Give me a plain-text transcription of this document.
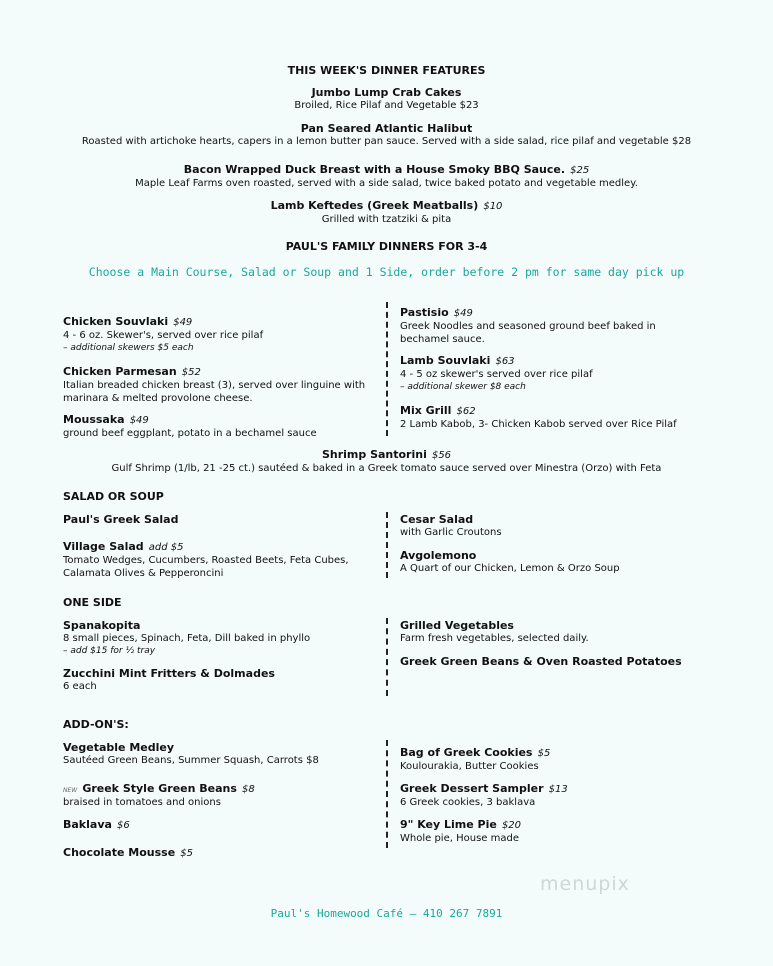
THIS WEEK'S DINNER FEATURES
Jumbo Lump Crab Cakes
Broiled, Rice Pilaf and Vegetable $23
Pan Seared Atlantic Halibut
Roasted with artichoke hearts, capers in a lemon butter pan sauce. Served with a side salad, rice pilaf and vegetable $28
Bacon Wrapped Duck Breast with a House Smoky BBQ Sauce. $25
Maple Leaf Farms oven roasted, served with a side salad, twice baked potato and vegetable medley.
Lamb Keftedes (Greek Meatballs) $10
Grilled with tzatziki & pita
PAUL'S FAMILY DINNERS FOR 3-4
Choose a Main Course, Salad or Soup and 1 Side, order before 2 pm for same day pick up
Chicken Souvlaki $49
4 - 6 oz. Skewer's, served over rice pilaf
– additional skewers $5 each
Chicken Parmesan $52
Italian breaded chicken breast (3), served over linguine with marinara & melted provolone cheese.
Moussaka $49
ground beef eggplant, potato in a bechamel sauce
Pastisio $49
Greek Noodles and seasoned ground beef baked in bechamel sauce.
Lamb Souvlaki $63
4 - 5 oz skewer's served over rice pilaf
– additional skewer $8 each
Mix Grill $62
2 Lamb Kabob, 3- Chicken Kabob served over Rice Pilaf
Shrimp Santorini $56
Gulf Shrimp (1/lb, 21 -25 ct.) sautéed & baked in a Greek tomato sauce served over Minestra (Orzo) with Feta
SALAD OR SOUP
Paul's Greek Salad
Village Salad add $5
Tomato Wedges, Cucumbers, Roasted Beets, Feta Cubes, Calamata Olives & Pepperoncini
Cesar Salad
with Garlic Croutons
Avgolemono
A Quart of our Chicken, Lemon & Orzo Soup
ONE SIDE
Spanakopita
8 small pieces, Spinach, Feta, Dill baked in phyllo
– add $15 for ½ tray
Zucchini Mint Fritters & Dolmades
6 each
Grilled Vegetables
Farm fresh vegetables, selected daily.
Greek Green Beans & Oven Roasted Potatoes
ADD-ON'S:
Vegetable Medley
Sautéed Green Beans, Summer Squash, Carrots $8
NEW Greek Style Green Beans $8
braised in tomatoes and onions
Baklava $6
Chocolate Mousse $5
Bag of Greek Cookies $5
Koulourakia, Butter Cookies
Greek Dessert Sampler $13
6 Greek cookies, 3 baklava
9" Key Lime Pie $20
Whole pie, House made
menupix
Paul's Homewood Café – 410 267 7891
